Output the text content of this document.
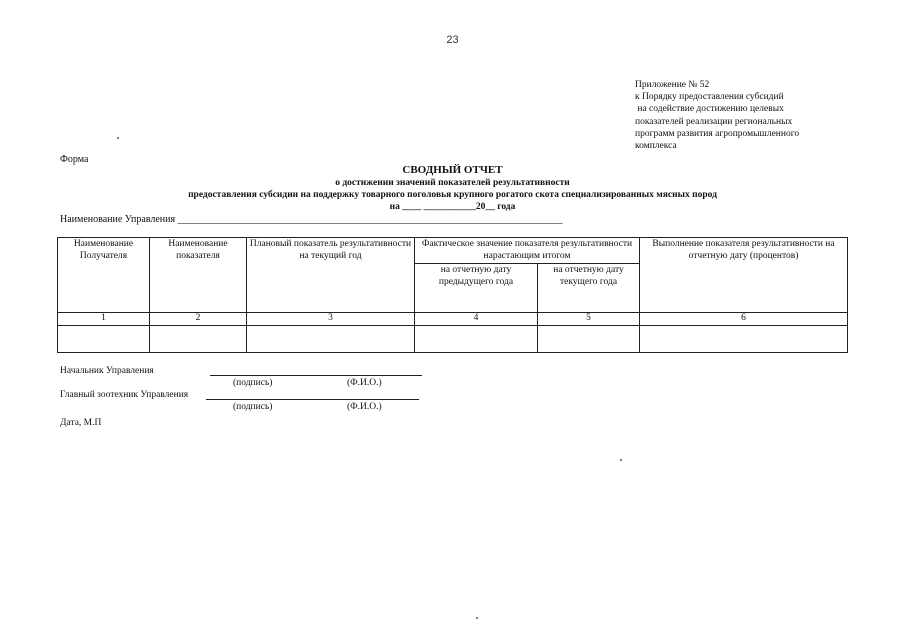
23
Приложение № 52
к Порядку предоставления субсидий
на содействие достижению целевых
показателей реализации региональных
программ развития агропромышленного
комплекса
Форма
СВОДНЫЙ ОТЧЕТ
о достижении значений показателей результативности
предоставления субсидии на поддержку товарного поголовья крупного рогатого скота специализированных мясных пород
на ____ ___________20__ года
Наименование Управления _____________________________________________________________________________
Наименование Получателя	Наименование показателя	Плановый показатель результативности на текущий год	Фактическое значение показателя результативности нарастающим итогом		Выполнение показателя результативности на отчетную дату (процентов)
			на отчетную дату предыдущего года	на отчетную дату текущего года	
1	2	3	4	5	6

Начальник Управления
(подпись)	(Ф.И.О.)
Главный зоотехник Управления
(подпись)	(Ф.И.О.)
Дата, М.П
